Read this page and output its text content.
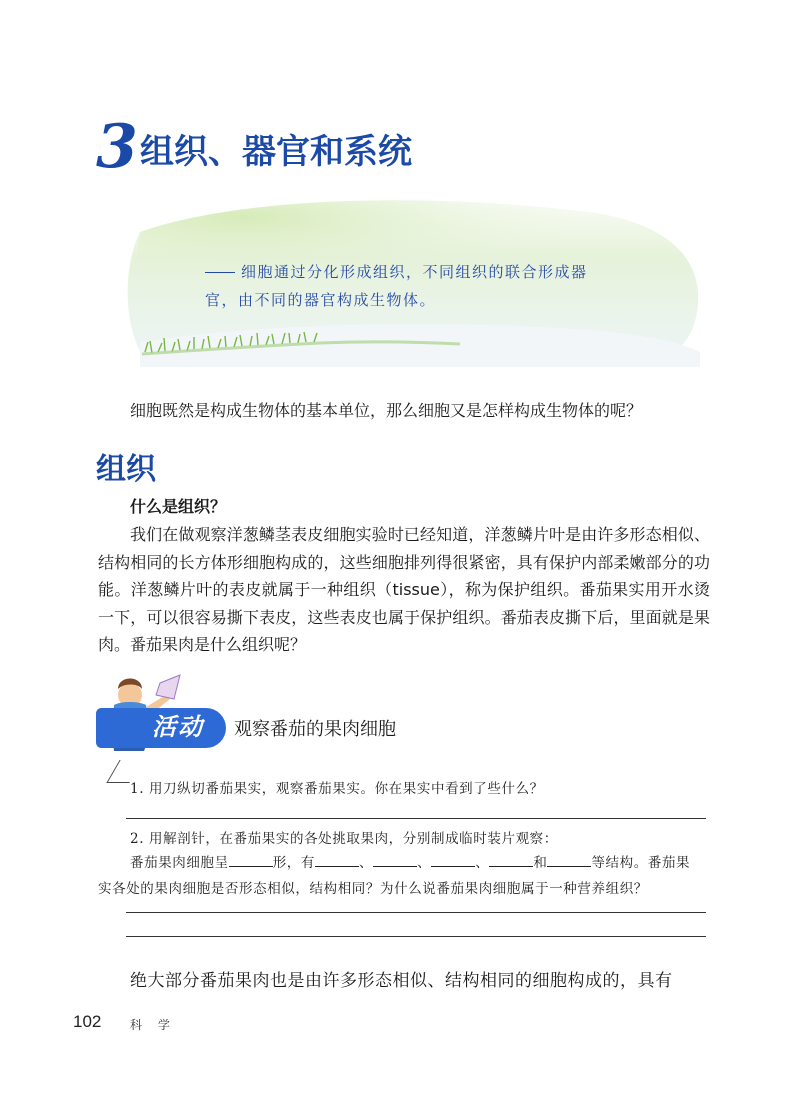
3 组织、器官和系统
细胞通过分化形成组织，不同组织的联合形成器
官，由不同的器官构成生物体。
细胞既然是构成生物体的基本单位，那么细胞又是怎样构成生物体的呢？
组织
什么是组织？
我们在做观察洋葱鳞茎表皮细胞实验时已经知道，洋葱鳞片叶是由许多形态相似、结构相同的长方体形细胞构成的，这些细胞排列得很紧密，具有保护内部柔嫩部分的功能。洋葱鳞片叶的表皮就属于一种组织（tissue），称为保护组织。番茄果实用开水烫一下，可以很容易撕下表皮，这些表皮也属于保护组织。番茄表皮撕下后，里面就是果肉。番茄果肉是什么组织呢？
活动 观察番茄的果肉细胞
1. 用刀纵切番茄果实，观察番茄果实。你在果实中看到了些什么？
2. 用解剖针，在番茄果实的各处挑取果肉，分别制成临时装片观察：
番茄果肉细胞呈	形，有	、	、	、	和	等结构。番茄果
实各处的果肉细胞是否形态相似，结构相同？为什么说番茄果肉细胞属于一种营养组织？
绝大部分番茄果肉也是由许多形态相似、结构相同的细胞构成的，具有
102 科 学
